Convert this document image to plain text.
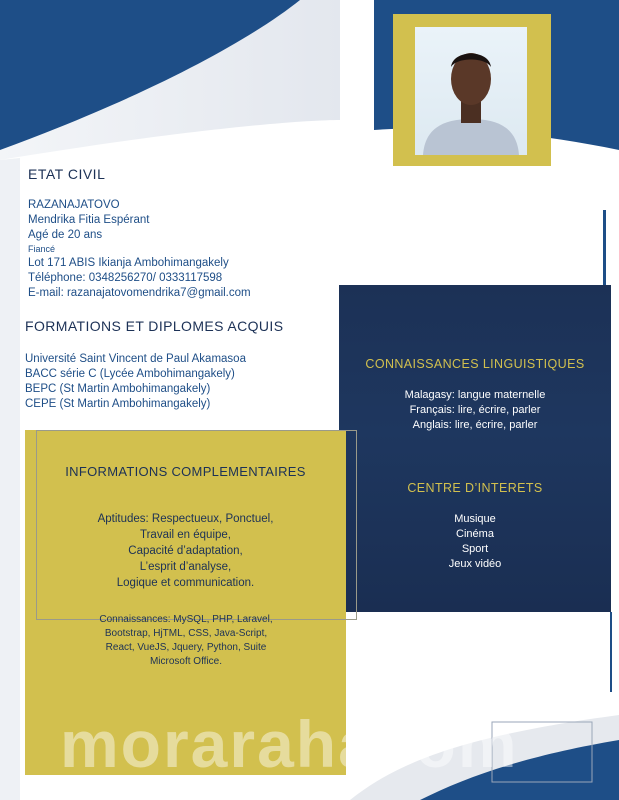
ETAT CIVIL
RAZANAJATOVO
Mendrika Fitia Espérant
Agé de 20 ans
Fiancé
Lot 171 ABIS Ikianja Ambohimangakely
Téléphone: 0348256270/ 0333117598
E-mail: razanajatovomendrika7@gmail.com
FORMATIONS ET DIPLOMES ACQUIS
Université Saint Vincent de Paul Akamasoa
BACC série C (Lycée Ambohimangakely)
BEPC (St Martin Ambohimangakely)
CEPE (St Martin Ambohimangakely)
CONNAISSANCES LINGUISTIQUES
Malagasy: langue maternelle
Français: lire, écrire, parler
Anglais: lire, écrire, parler
CENTRE D’INTERETS
Musique
Cinéma
Sport
Jeux vidéo
INFORMATIONS COMPLEMENTAIRES
Aptitudes: Respectueux, Ponctuel,
Travail en équipe,
Capacité d’adaptation,
L’esprit d’analyse,
Logique et communication.
Connaissances: MySQL, PHP, Laravel,
Bootstrap, HjTML, CSS, Java-Script,
React, VueJS, Jquery, Python, Suite
Microsoft Office.
morarahacom
